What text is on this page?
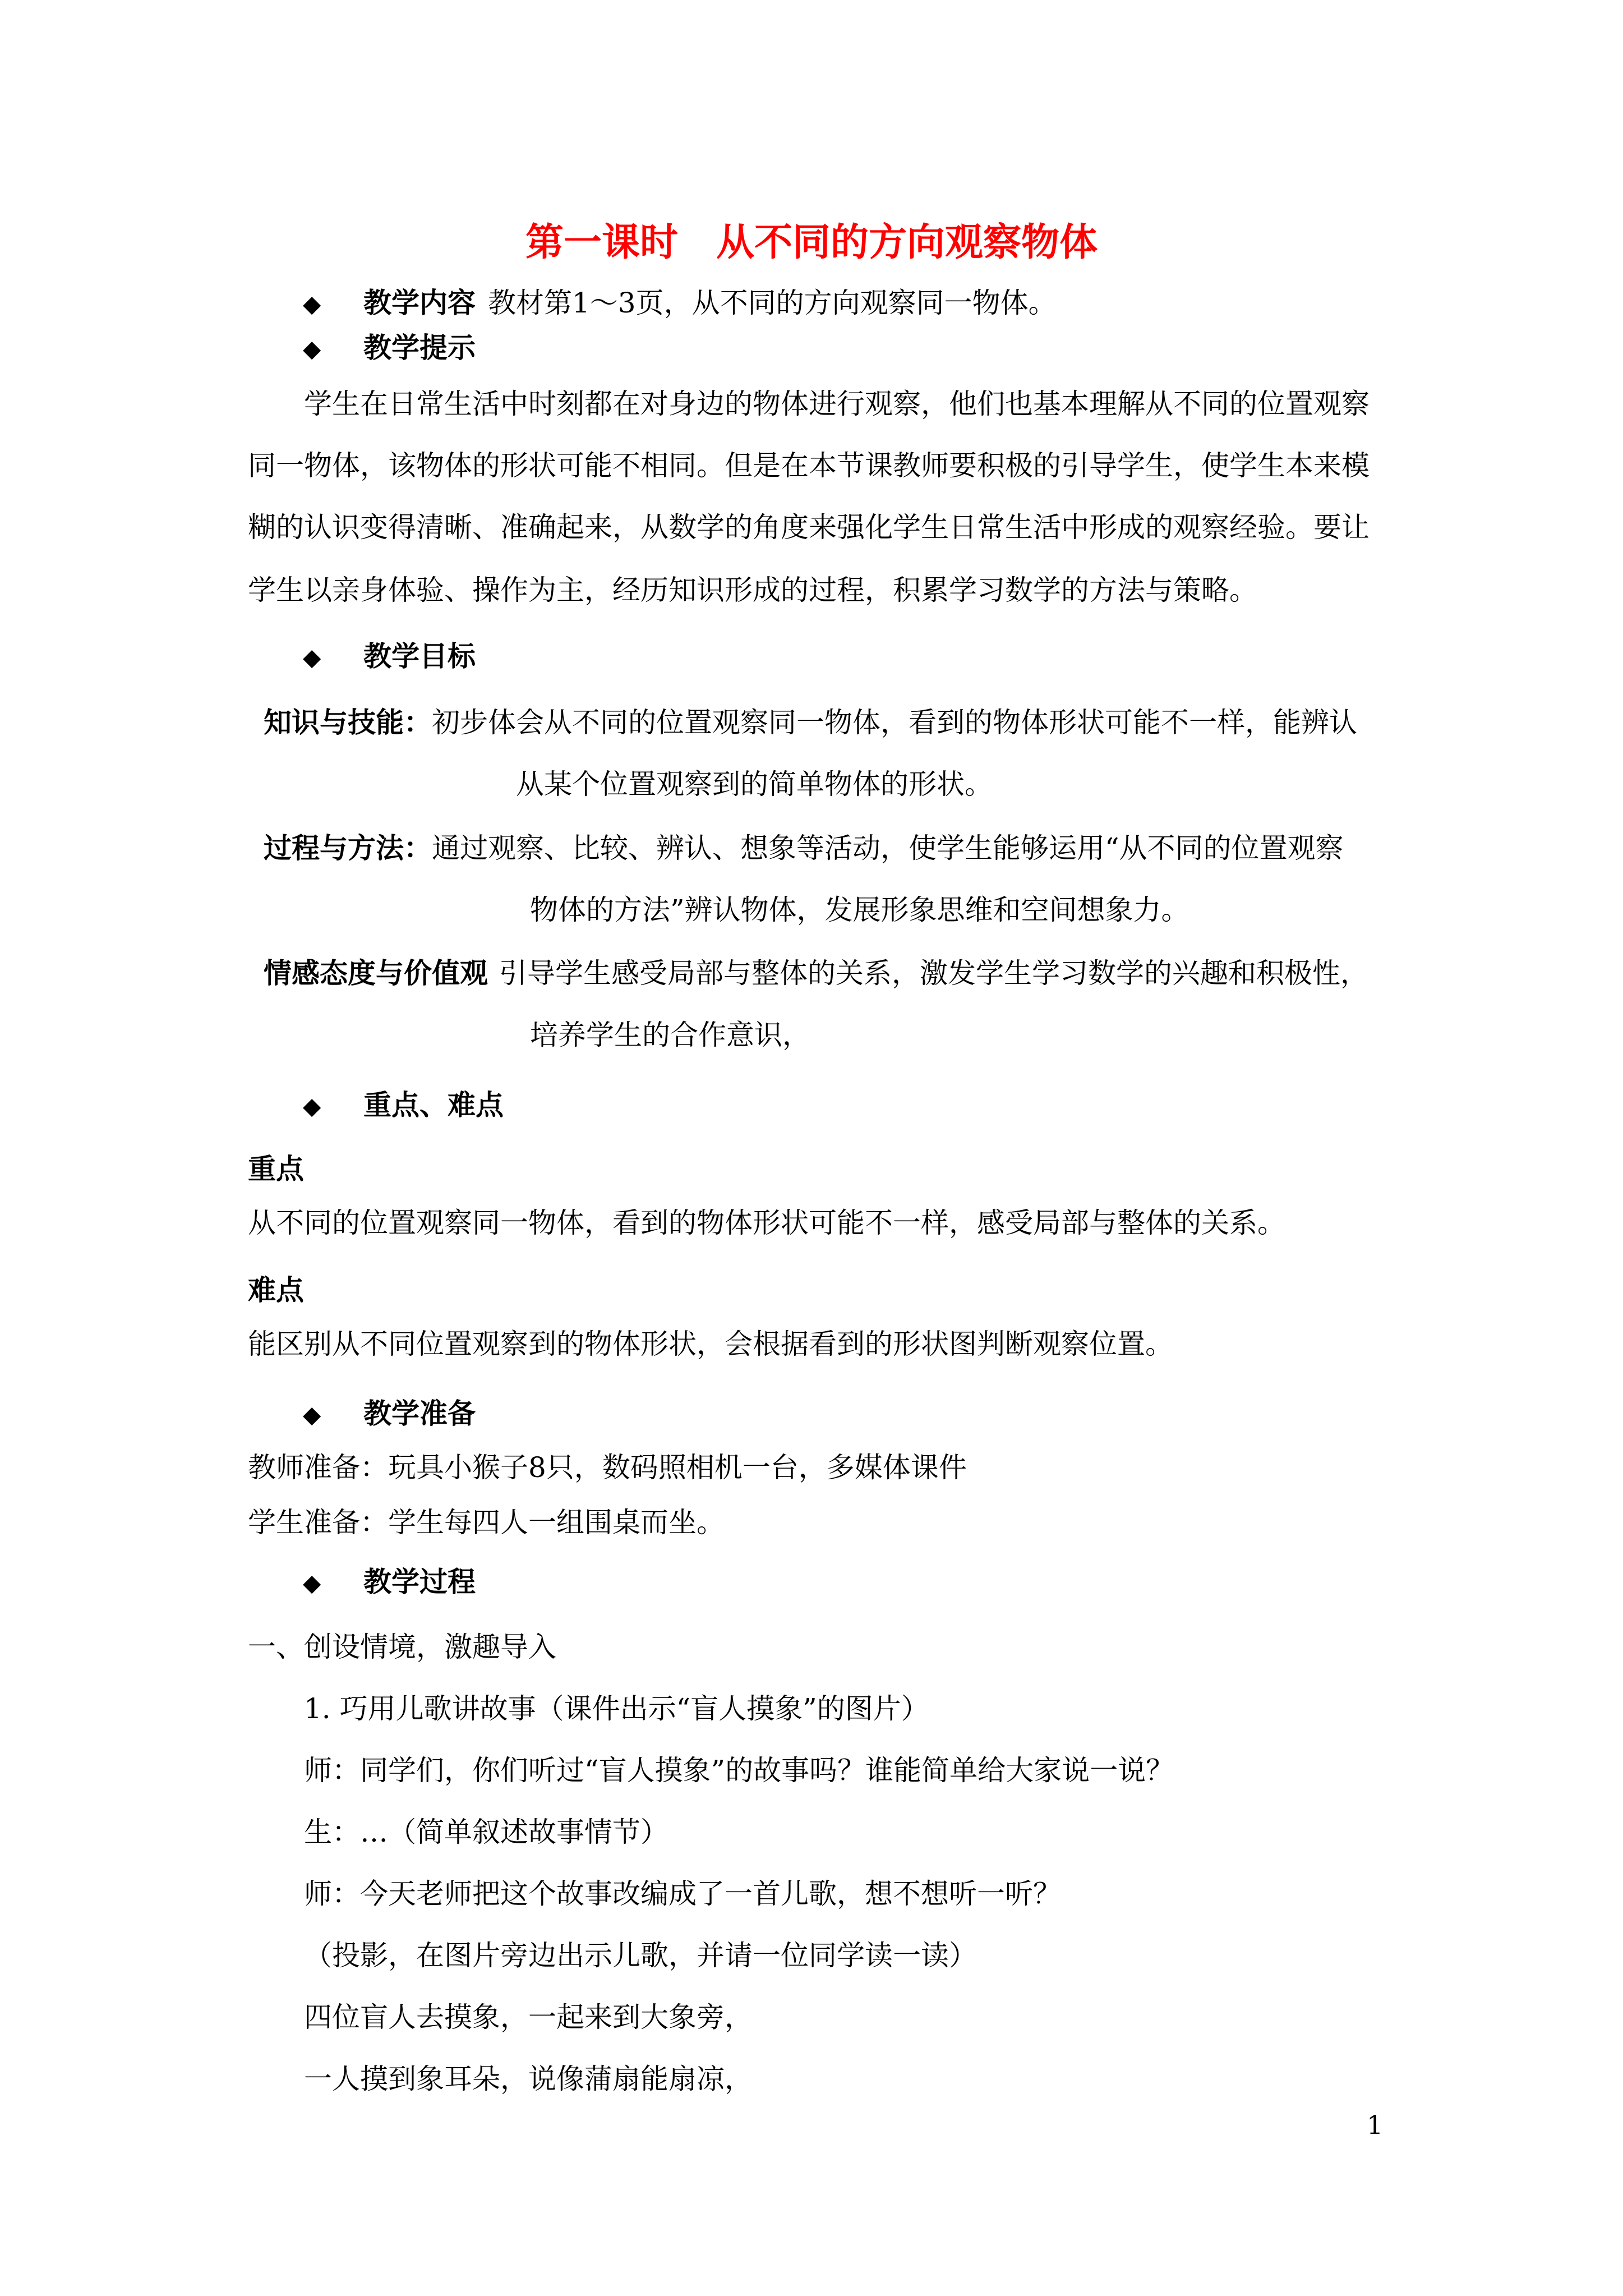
第一课时　从不同的方向观察物体
◆ 教学内容 教材第1～3页，从不同的方向观察同一物体。
◆ 教学提示
学生在日常生活中时刻都在对身边的物体进行观察，他们也基本理解从不同的位置观察
同一物体，该物体的形状可能不相同。但是在本节课教师要积极的引导学生，使学生本来模
糊的认识变得清晰、准确起来，从数学的角度来强化学生日常生活中形成的观察经验。要让
学生以亲身体验、操作为主，经历知识形成的过程，积累学习数学的方法与策略。
◆ 教学目标
知识与技能：初步体会从不同的位置观察同一物体，看到的物体形状可能不一样，能辨认
从某个位置观察到的简单物体的形状。
过程与方法：通过观察、比较、辨认、想象等活动，使学生能够运用“从不同的位置观察
物体的方法”辨认物体，发展形象思维和空间想象力。
情感态度与价值观 引导学生感受局部与整体的关系，激发学生学习数学的兴趣和积极性，
培养学生的合作意识，
◆ 重点、难点
重点
从不同的位置观察同一物体，看到的物体形状可能不一样，感受局部与整体的关系。
难点
能区别从不同位置观察到的物体形状，会根据看到的形状图判断观察位置。
◆ 教学准备
教师准备：玩具小猴子8只，数码照相机一台，多媒体课件
学生准备：学生每四人一组围桌而坐。
◆ 教学过程
一、创设情境，激趣导入
1. 巧用儿歌讲故事（课件出示“盲人摸象”的图片）
师：同学们，你们听过“盲人摸象”的故事吗？谁能简单给大家说一说？
生：…（简单叙述故事情节）
师：今天老师把这个故事改编成了一首儿歌，想不想听一听？
（投影，在图片旁边出示儿歌，并请一位同学读一读）
四位盲人去摸象，一起来到大象旁，
一人摸到象耳朵，说像蒲扇能扇凉，
1
